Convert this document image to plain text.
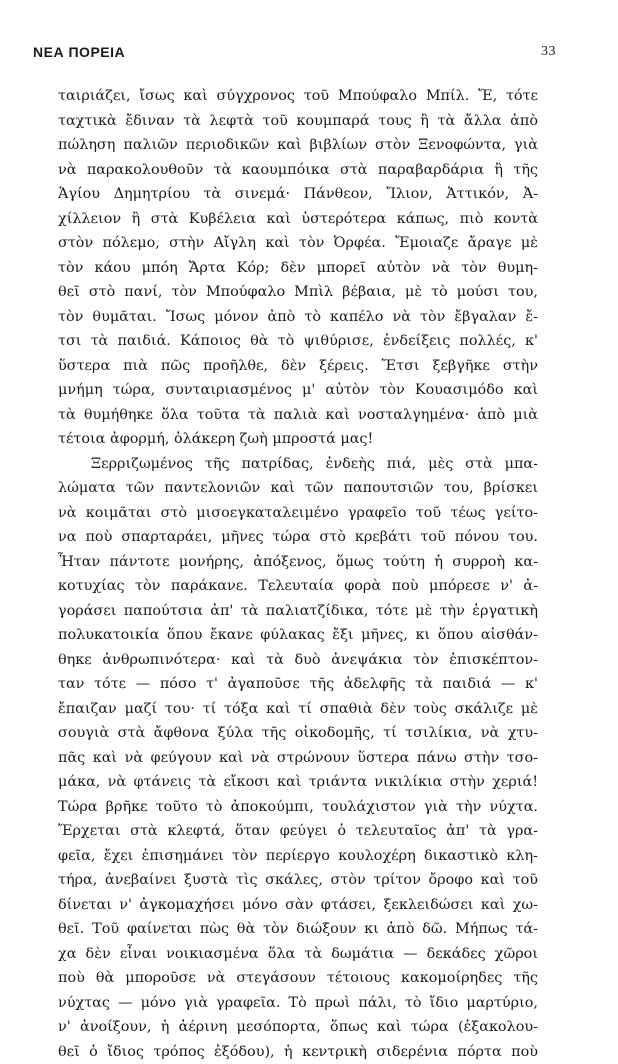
ΝΕΑ ΠΟΡΕΙΑ	33
ταιριάζει, ἴσως καὶ σύγχρονος τοῦ Μπούφαλο Μπίλ. Ἔ, τότε
ταχτικὰ ἔδιναν τὰ λεφτὰ τοῦ κουμπαρά τους ἢ τὰ ἄλλα ἀπὸ
πώληση παλιῶν περιοδικῶν καὶ βιβλίων στὸν Ξενοφώντα, γιὰ
νὰ παρακολουθοῦν τὰ καουμπόικα στὰ παραβαρδάρια ἢ τῆς
Ἁγίου Δημητρίου τὰ σινεμά· Πάνθεον, Ἴλιον, Ἀττικόν, Ἀ-
χίλλειον ἢ στὰ Κυβέλεια καὶ ὑστερότερα κάπως, πιὸ κοντὰ
στὸν πόλεμο, στὴν Αἴγλη καὶ τὸν Ὀρφέα. Ἔμοιαζε ἄραγε μὲ
τὸν κάου μπόη Ἄρτα Κόρ; δὲν μπορεῖ αὐτὸν νὰ τὸν θυμη-
θεῖ στὸ πανί, τὸν Μπούφαλο Μπὶλ βέβαια, μὲ τὸ μούσι του,
τὸν θυμᾶται. Ἴσως μόνον ἀπὸ τὸ καπέλο νὰ τὸν ἔβγαλαν ἔ-
τσι τὰ παιδιά. Κάποιος θὰ τὸ ψιθύρισε, ἐνδείξεις πολλές, κ'
ὕστερα πιὰ πῶς προῆλθε, δὲν ξέρεις. Ἔτσι ξεβγῆκε στὴν
μνήμη τώρα, συνταιριασμένος μ' αὐτὸν τὸν Κουασιμόδο καὶ
τὰ θυμήθηκε ὅλα τοῦτα τὰ παλιὰ καὶ νοσταλγημένα· ἀπὸ μιὰ
τέτοια ἀφορμή, ὁλάκερη ζωὴ μπροστά μας!
Ξερριζωμένος τῆς πατρίδας, ἐνδεὴς πιά, μὲς στὰ μπα-
λώματα τῶν παντελονιῶν καὶ τῶν παπουτσιῶν του, βρίσκει
νὰ κοιμᾶται στὸ μισοεγκαταλειμένο γραφεῖο τοῦ τέως γείτο-
να ποὺ σπαρταράει, μῆνες τώρα στὸ κρεβάτι τοῦ πόνου του.
Ἦταν πάντοτε μονήρης, ἀπόξενος, ὅμως τούτη ἡ συρροὴ κα-
κοτυχίας τὸν παράκανε. Τελευταία φορὰ ποὺ μπόρεσε ν' ἀ-
γοράσει παπούτσια ἀπ' τὰ παλιατζίδικα, τότε μὲ τὴν ἐργατικὴ
πολυκατοικία ὅπου ἔκανε φύλακας ἔξι μῆνες, κι ὅπου αἰσθάν-
θηκε ἀνθρωπινότερα· καὶ τὰ δυὸ ἀνεψάκια τὸν ἐπισκέπτον-
ταν τότε — πόσο τ' ἀγαποῦσε τῆς ἀδελφῆς τὰ παιδιά — κ'
ἔπαιζαν μαζί του· τί τόξα καὶ τί σπαθιὰ δὲν τοὺς σκάλιζε μὲ
σουγιὰ στὰ ἄφθονα ξύλα τῆς οἰκοδομῆς, τί τσιλίκια, νὰ χτυ-
πᾶς καὶ νὰ φεύγουν καὶ νὰ στρώνουν ὕστερα πάνω στὴν τσο-
μάκα, νὰ φτάνεις τὰ εἴκοσι καὶ τριάντα νικιλίκια στὴν χεριά!
Τώρα βρῆκε τοῦτο τὸ ἀποκούμπι, τουλάχιστον γιὰ τὴν νύχτα.
Ἔρχεται στὰ κλεφτά, ὅταν φεύγει ὁ τελευταῖος ἀπ' τὰ γρα-
φεῖα, ἔχει ἐπισημάνει τὸν περίεργο κουλοχέρη δικαστικὸ κλη-
τήρα, ἀνεβαίνει ξυστὰ τὶς σκάλες, στὸν τρίτον ὄροφο καὶ τοῦ
δίνεται ν' ἀγκομαχήσει μόνο σὰν φτάσει, ξεκλειδώσει καὶ χω-
θεῖ. Τοῦ φαίνεται πὼς θὰ τὸν διώξουν κι ἀπὸ δῶ. Μήπως τά-
χα δὲν εἶναι νοικιασμένα ὅλα τὰ δωμάτια — δεκάδες χῶροι
ποὺ θὰ μποροῦσε νὰ στεγάσουν τέτοιους κακομοίρηδες τῆς
νύχτας — μόνο γιὰ γραφεῖα. Τὸ πρωὶ πάλι, τὸ ἴδιο μαρτύριο,
ν' ἀνοίξουν, ἡ ἀέρινη μεσόπορτα, ὅπως καὶ τώρα (ἐξακολου-
θεῖ ὁ ἴδιος τρόπος ἐξόδου), ἡ κεντρικὴ σιδερένια πόρτα ποὺ
